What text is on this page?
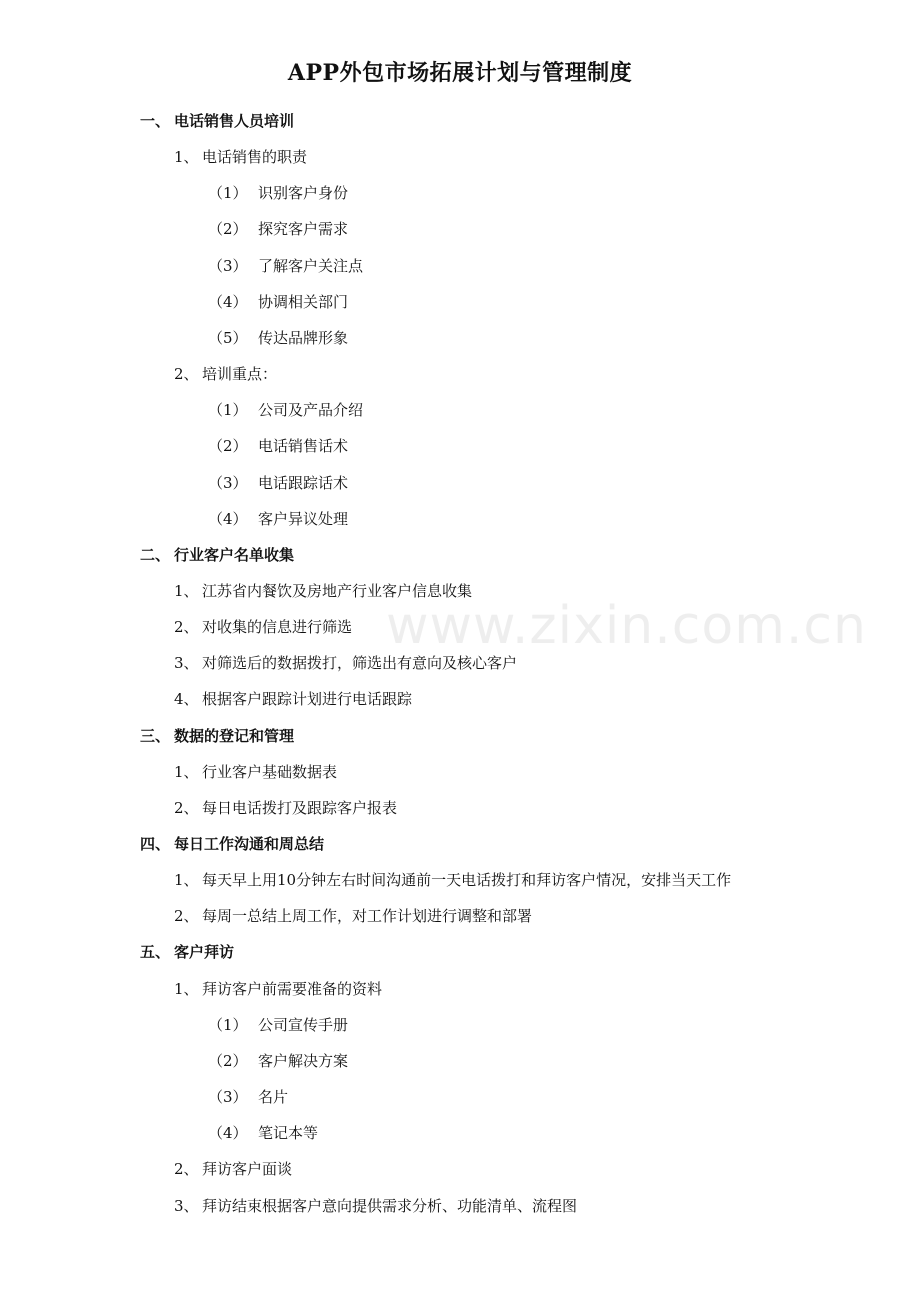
APP外包市场拓展计划与管理制度
www.zixin.com.cn
一、 电话销售人员培训
1、 电话销售的职责
（1） 识别客户身份
（2） 探究客户需求
（3） 了解客户关注点
（4） 协调相关部门
（5） 传达品牌形象
2、 培训重点：
（1） 公司及产品介绍
（2） 电话销售话术
（3） 电话跟踪话术
（4） 客户异议处理
二、 行业客户名单收集
1、 江苏省内餐饮及房地产行业客户信息收集
2、 对收集的信息进行筛选
3、 对筛选后的数据拨打，筛选出有意向及核心客户
4、 根据客户跟踪计划进行电话跟踪
三、 数据的登记和管理
1、 行业客户基础数据表
2、 每日电话拨打及跟踪客户报表
四、 每日工作沟通和周总结
1、 每天早上用10分钟左右时间沟通前一天电话拨打和拜访客户情况，安排当天工作
2、 每周一总结上周工作，对工作计划进行调整和部署
五、 客户拜访
1、 拜访客户前需要准备的资料
（1） 公司宣传手册
（2） 客户解决方案
（3） 名片
（4） 笔记本等
2、 拜访客户面谈
3、 拜访结束根据客户意向提供需求分析、功能清单、流程图
